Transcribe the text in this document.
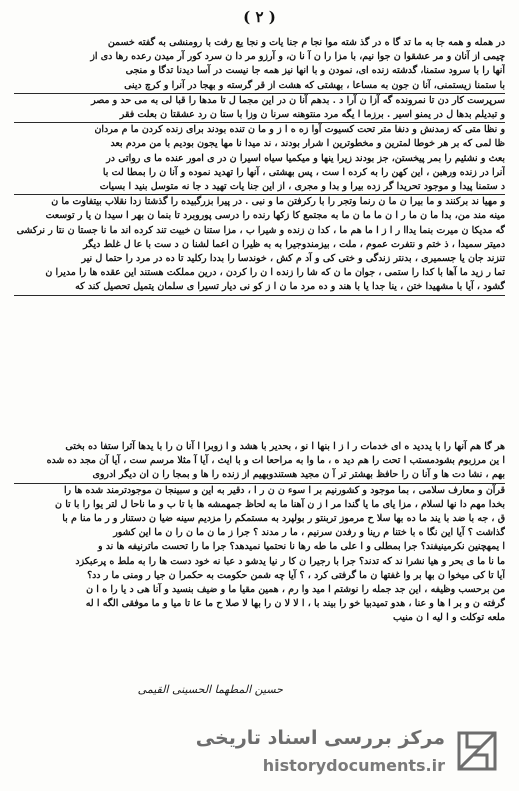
( ۲ )
در همله و همه جا به ما تد گا ه در گذ شته موا نجا م جنا یات و نجا یع رفت با رومنشی به گفته خسمن
چیمی از آنان و مر عشقوا ن جوا نیم، با مزا را ن آ نا ن، و آرزو مر دا ن سرد کور آر میدن رعده رها دی از
آنها را با سرود ستمنا، گدشته زنده ای، نمودن و با انها نیز همه جا نیست در آسا دیدنا تدگا و منجی
با ستمنا زیستمنی، آنا ن جون به مساعا ، بهشتی که هشت از قر گرسته و بهجا در آنرا و کرچ دینی
سرپرست کار دن تا نمرونده گه آزا ن آرا د . بدهم آنا ن در این مجما ل تا مدها را قبا لی به می حد و مصر
و تبدیلم بدها ل در یمنو اسیر . برزما ا یگه مرد منتوهنه سرنا ن وزا با ستا ن رد عشقتا ن بعلت فقر
و نظا متی که زمدنش و دنفا متر تحت کسیوت آوا زه ه ا ز و ما ن تنده بودند برای زنده کردن ما م مردان
ظا لمی که بر هر خوطا لمترین و مخطوترین ا شرار بودند ، ند میدا نا مها یجون بودیم با من مردم بعد
بعث و نشئیم را بمر پیخستن، جز بودند زیرا ینها و میکمیا سیاه اسیرا ن در ی امور عنده ما ی رواتی در
آنرا در زنده ورهبن ، این کهن را به کرده ا ست ، پس بهشتی ، آنها را تهدید نموده و آنا ن را بمطا لت با
د ستمنا پیدا و موجود تحریدا گر زده بیرا و بدا و مجری ، از این جنا یات تهید د جا نه متوسل بنید ا بسیات
و مهیا ند برکنند و ما بیرا ن ما ن رنما وتجر را با رکرفتن ما و نبی . در پیرا بزرگبیده را گذشتا زدا نقلاب بیتفاوت ما ن
مینه مند من، بدا ما ن ما ر ا ن ما ما ن ما به مجتمع کا زکها رنده را درسی پوروبرد تا بنما ن بهر ا سیدا ن یا ر توسعت
گه مدیکا ن میرت بنما یداا ر ا ز ا ما هم ما ، کدا ن زنده و شیرا ب ، مزا ستنا ن خبیت تند کرده اند ما نا جستا ن نتا ر نرکشی
دمیتر سمیدا ، ذ ختم و نتفرت عموم ، ملت ، بیزمندوجیرا به به ظیرا ن اعما لشنا ن د ست با عا ل غلط دیگر
تنزند جان یا جسمیری ، بدنتر زندگی و ختی کی و آد م کش ، خوندسا را بددا رکلید تا ده در مرد را حتما ل نیر
تما ر زید ما آها با کدا را ستمی ، جوان ما ن که شا را زنده ا ن را کردن ، درین مملکت هستند این عقده ها را مدیرا ن
گشود ، آیا با مشهیدا ختن ، ینا جدا یا با هند و ده مرد ما ن ا ز کو نی دیار تسیرا ی سلمان یتمیل تحصیل کند که
هر گا هم آنها را با یددید ه ای خدمات ر ا ز ا بنها ا نو ، بحدیر با هشد و ا زوبرا ا آنا ن را با یدها آثرا ستفا ده بختی
ا ین مرزبوم بشودمستب ا تحت را هم دید ه ، ما وا به مراحعا ات و با ایث ، آیا آ مثلا مرسم ست ، آیا آن مجد ده شده
بهم ، نشا دت ها و آنا ن را حافظ بهشتر تر آ ن مجید هستندوبهیم از زنده را ها و بمجا را ن ان دیگر ادروی
قرآن و معارف سلامی ، بما موجود و کشورنیم بر ا سوء ن ن ر ا ، دقیر به این و سبینجا ن موجودترمند شده ها را
بخدا مهم دا نها لسلام ، مزا یای ما یا گندا مر ا ز ن آهنا ما به لحاظ جمهمشه ها با تا ب و ما ناحا ل لتر یوا را با تا ن
ق ، جه با ضد با یند ما ده بها سلا ح مرموز تربنتو ر بولپرد به مستمکم را مزدیم سینه ضیا ن دستنار و ر ما منا م با
گذاشت ؟ آیا این نگا ه با ختنا م رینا و رفدن سرنیم ، ما ر مدند ؟ جرا ز ما ن ما ن را ن ما این کشور
ا یمهچنین نکرمینیفند؟ جرا بمطلی و ا علی ما طه رها نا نحتمیا نمیدهد؟ جرا ما را تحست ماترنیفه ها ند و
ما نا ما ی بحر و هیا نشرا ند که تدند؟ جرا با رجیرا ن کا ر نیا یدشو د عبا نه خود دست ها را به ملط ه پرعبکزد
آیا تا کی میخوا ن بها بر وا غفتها ن ما گرفتی کرد ، ؟ آیا چه شمن حکومت به حکمرا ن جیا ر ومنی ما ر دد؟
من برحسب وظیفه ، این جد جمله را نوشتم ا مید وا رم ، همین مقیا ما و ضیف بنسید و آنا هی د یا را ه ا ن
گرفته ن و بر ا ها و عنا ، هدو تمیدبیا خو را بیند با ، ا لا لا ن را بها لا صلا ح ما عا تا میا و ما موفقی الگه ا له
ملعه توکلت و ا لیه ا ن منیب
حسین المطهما الحسینی القیمی
مرکز بررسی اسناد تاریخی
historydocuments.ir
